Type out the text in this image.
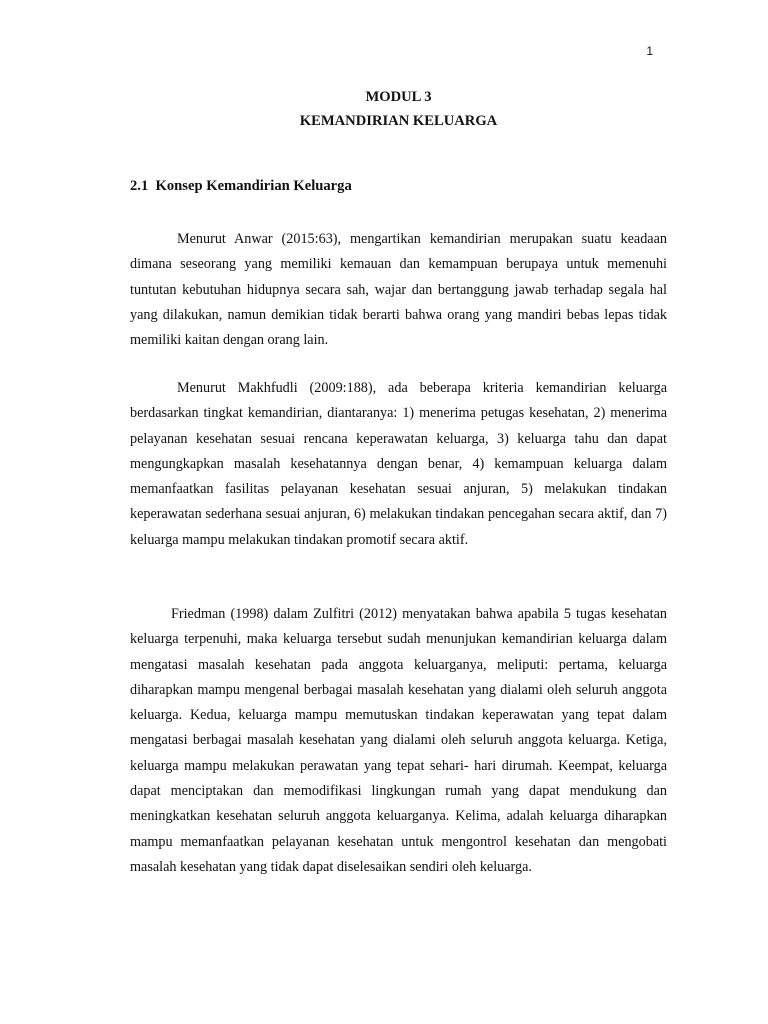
1
MODUL 3
KEMANDIRIAN KELUARGA
2.1  Konsep Kemandirian Keluarga

Menurut Anwar (2015:63), mengartikan kemandirian merupakan suatu keadaan dimana seseorang yang memiliki kemauan dan kemampuan berupaya untuk memenuhi tuntutan kebutuhan hidupnya secara sah, wajar dan bertanggung jawab terhadap segala hal yang dilakukan, namun demikian tidak berarti bahwa orang yang mandiri bebas lepas tidak memiliki kaitan dengan orang lain.

Menurut Makhfudli (2009:188), ada beberapa kriteria kemandirian keluarga berdasarkan tingkat kemandirian, diantaranya: 1) menerima petugas kesehatan, 2) menerima pelayanan kesehatan sesuai rencana keperawatan keluarga, 3) keluarga tahu dan dapat mengungkapkan masalah kesehatannya dengan benar, 4) kemampuan keluarga dalam memanfaatkan fasilitas pelayanan kesehatan sesuai anjuran, 5) melakukan tindakan keperawatan sederhana sesuai anjuran, 6) melakukan tindakan pencegahan secara aktif, dan 7) keluarga mampu melakukan tindakan promotif secara aktif.

Friedman (1998) dalam Zulfitri (2012) menyatakan bahwa apabila 5 tugas kesehatan keluarga terpenuhi, maka keluarga tersebut sudah menunjukan kemandirian keluarga dalam mengatasi masalah kesehatan pada anggota keluarganya, meliputi: pertama, keluarga diharapkan mampu mengenal berbagai masalah kesehatan yang dialami oleh seluruh anggota keluarga. Kedua, keluarga mampu memutuskan tindakan keperawatan yang tepat dalam mengatasi berbagai masalah kesehatan yang dialami oleh seluruh anggota keluarga. Ketiga, keluarga mampu melakukan perawatan yang tepat sehari- hari dirumah. Keempat, keluarga dapat menciptakan dan memodifikasi lingkungan rumah yang dapat mendukung dan meningkatkan kesehatan seluruh anggota keluarganya. Kelima, adalah keluarga diharapkan mampu memanfaatkan pelayanan kesehatan untuk mengontrol kesehatan dan mengobati masalah kesehatan yang tidak dapat diselesaikan sendiri oleh keluarga.
